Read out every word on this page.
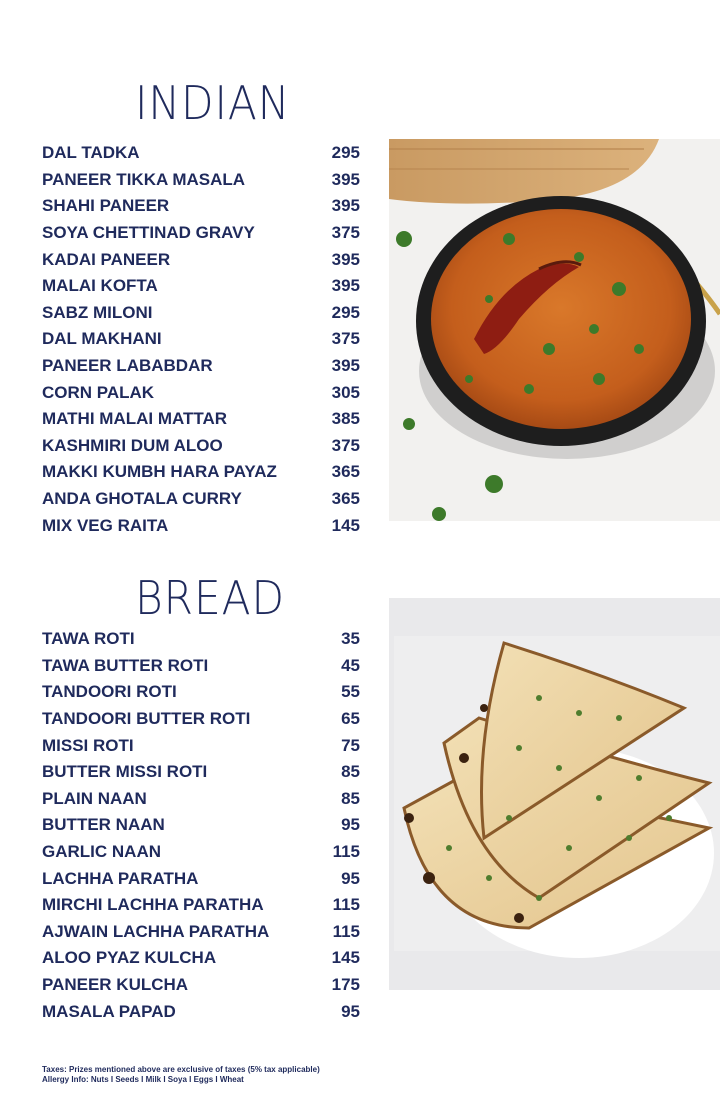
INDIAN
DAL TADKA	295
PANEER TIKKA MASALA	395
SHAHI PANEER	395
SOYA CHETTINAD GRAVY	375
KADAI PANEER	395
MALAI KOFTA	395
SABZ MILONI	295
DAL MAKHANI	375
PANEER LABABDAR	395
CORN PALAK	305
MATHI MALAI MATTAR	385
KASHMIRI DUM ALOO	375
MAKKI KUMBH HARA PAYAZ	365
ANDA GHOTALA CURRY	365
MIX VEG RAITA	145
BREAD
TAWA ROTI	35
TAWA BUTTER ROTI	45
TANDOORI ROTI	55
TANDOORI BUTTER ROTI	65
MISSI ROTI	75
BUTTER MISSI ROTI	85
PLAIN NAAN	85
BUTTER NAAN	95
GARLIC NAAN	115
LACHHA PARATHA	95
MIRCHI LACHHA PARATHA	115
AJWAIN LACHHA PARATHA	115
ALOO PYAZ KULCHA	145
PANEER KULCHA	175
MASALA PAPAD	95

Taxes: Prizes mentioned above are exclusive of taxes (5% tax applicable)
Allergy Info: Nuts I Seeds I Milk I Soya I Eggs I Wheat
